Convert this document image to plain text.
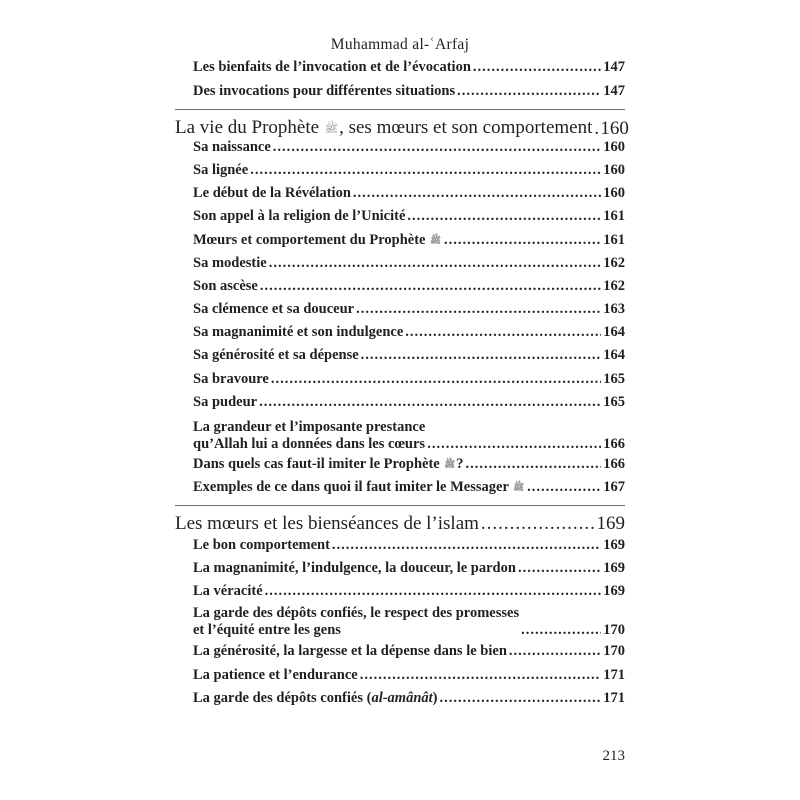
Muhammad al-ʿArfaj
Les bienfaits de l’invocation et de l’évocation .....	147
Des invocations pour différentes situations .....	147
La vie du Prophète ﷺ, ses mœurs et son comportement ..... 160
Sa naissance .....	160
Sa lignée .....	160
Le début de la Révélation .....	160
Son appel à la religion de l’Unicité .....	161
Mœurs et comportement du Prophète ﷺ .....	161
Sa modestie .....	162
Son ascèse .....	162
Sa clémence et sa douceur .....	163
Sa magnanimité et son indulgence .....	164
Sa générosité et sa dépense .....	164
Sa bravoure .....	165
Sa pudeur .....	165
La grandeur et l’imposante prestance
qu’Allah lui a données dans les cœurs .....	166
Dans quels cas faut-il imiter le Prophète ﷺ? .....	166
Exemples de ce dans quoi il faut imiter le Messager ﷺ .....	167
Les mœurs et les bienséances de l’islam .....	169
Le bon comportement .....	169
La magnanimité, l’indulgence, la douceur, le pardon .....	169
La véracité .....	169
La garde des dépôts confiés, le respect des promesses
et l’équité entre les gens .....	170
La générosité, la largesse et la dépense dans le bien .....	170
La patience et l’endurance .....	171
La garde des dépôts confiés (al-amânât) .....	171
213
